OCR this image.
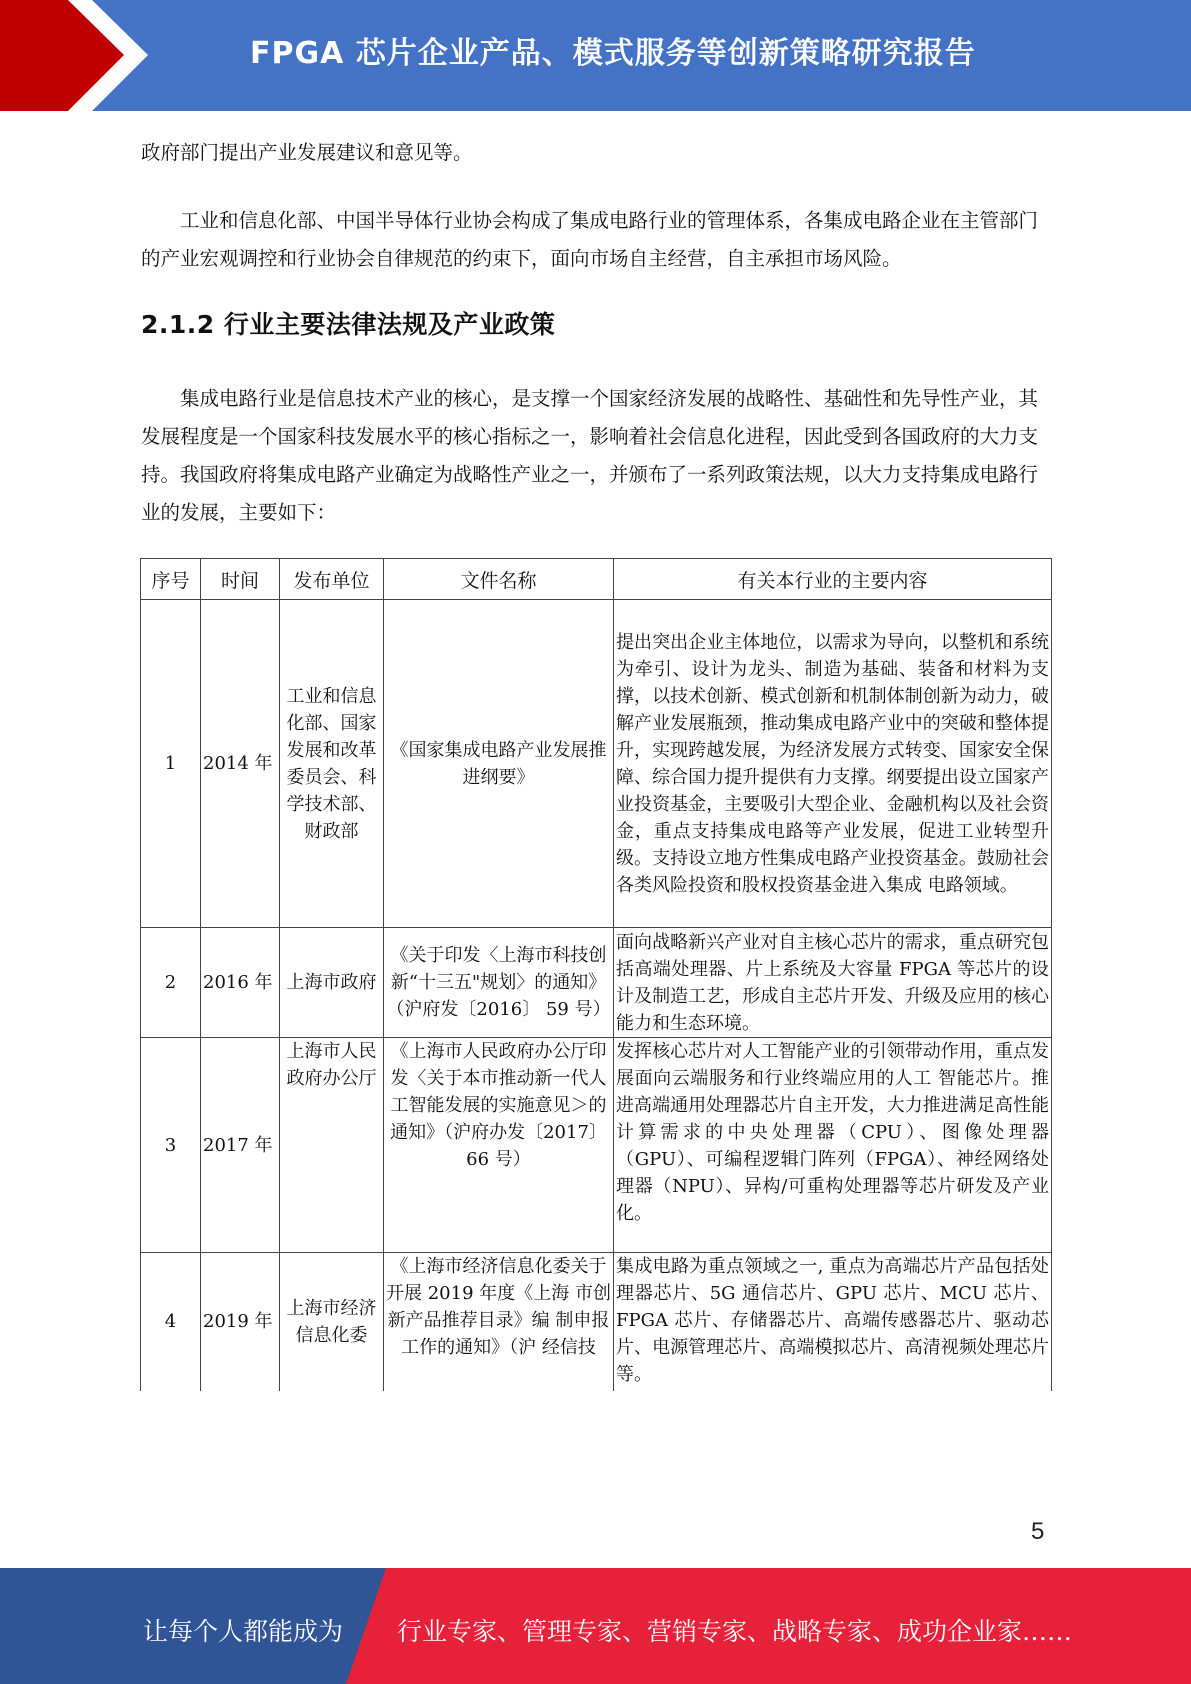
FPGA 芯片企业产品、模式服务等创新策略研究报告

政府部门提出产业发展建议和意见等。

工业和信息化部、中国半导体行业协会构成了集成电路行业的管理体系，各集成电路企业在主管部门的产业宏观调控和行业协会自律规范的约束下，面向市场自主经营，自主承担市场风险。

2.1.2 行业主要法律法规及产业政策

集成电路行业是信息技术产业的核心，是支撑一个国家经济发展的战略性、基础性和先导性产业，其发展程度是一个国家科技发展水平的核心指标之一，影响着社会信息化进程，因此受到各国政府的大力支持。我国政府将集成电路产业确定为战略性产业之一，并颁布了一系列政策法规，以大力支持集成电路行业的发展，主要如下：

序号	时间	发布单位	文件名称	有关本行业的主要内容
1	2014 年	工业和信息化部、国家发展和改革委员会、科学技术部、财政部	《国家集成电路产业发展推进纲要》	提出突出企业主体地位，以需求为导向，以整机和系统为牵引、设计为龙头、制造为基础、装备和材料为支撑，以技术创新、模式创新和机制体制创新为动力，破解产业发展瓶颈，推动集成电路产业中的突破和整体提升，实现跨越发展，为经济发展方式转变、国家安全保障、综合国力提升提供有力支撑。纲要提出设立国家产业投资基金，主要吸引大型企业、金融机构以及社会资金，重点支持集成电路等产业发展，促进工业转型升级。支持设立地方性集成电路产业投资基金。鼓励社会各类风险投资和股权投资基金进入集成 电路领域。
2	2016 年	上海市政府	《关于印发〈上海市科技创新“十三五"规划〉的通知》（沪府发〔2016〕 59 号）	面向战略新兴产业对自主核心芯片的需求，重点研究包括高端处理器、片上系统及大容量 FPGA 等芯片的设计及制造工艺，形成自主芯片开发、升级及应用的核心能力和生态环境。
3	2017 年	上海市人民政府办公厅	《上海市人民政府办公厅印发〈关于本市推动新一代人工智能发展的实施意见＞的通知》（沪府办发〔2017〕 66 号）	发挥核心芯片对人工智能产业的引领带动作用，重点发展面向云端服务和行业终端应用的人工 智能芯片。推进高端通用处理器芯片自主开发，大力推进满足高性能计算需求的中央处理器（CPU）、图像处理器（GPU）、可编程逻辑门阵列（FPGA）、神经网络处理器（NPU）、异构/可重构处理器等芯片研发及产业化。
4	2019 年	上海市经济信息化委	《上海市经济信息化委关于开展 2019 年度《上海 市创新产品推荐目录》编 制申报工作的通知》（沪 经信技	集成电路为重点领域之一, 重点为高端芯片产品包括处理器芯片、5G 通信芯片、GPU 芯片、MCU 芯片、FPGA 芯片、存储器芯片、高端传感器芯片、驱动芯片、电源管理芯片、高端模拟芯片、高清视频处理芯片等。
5
让每个人都能成为 行业专家、管理专家、营销专家、战略专家、成功企业家……
